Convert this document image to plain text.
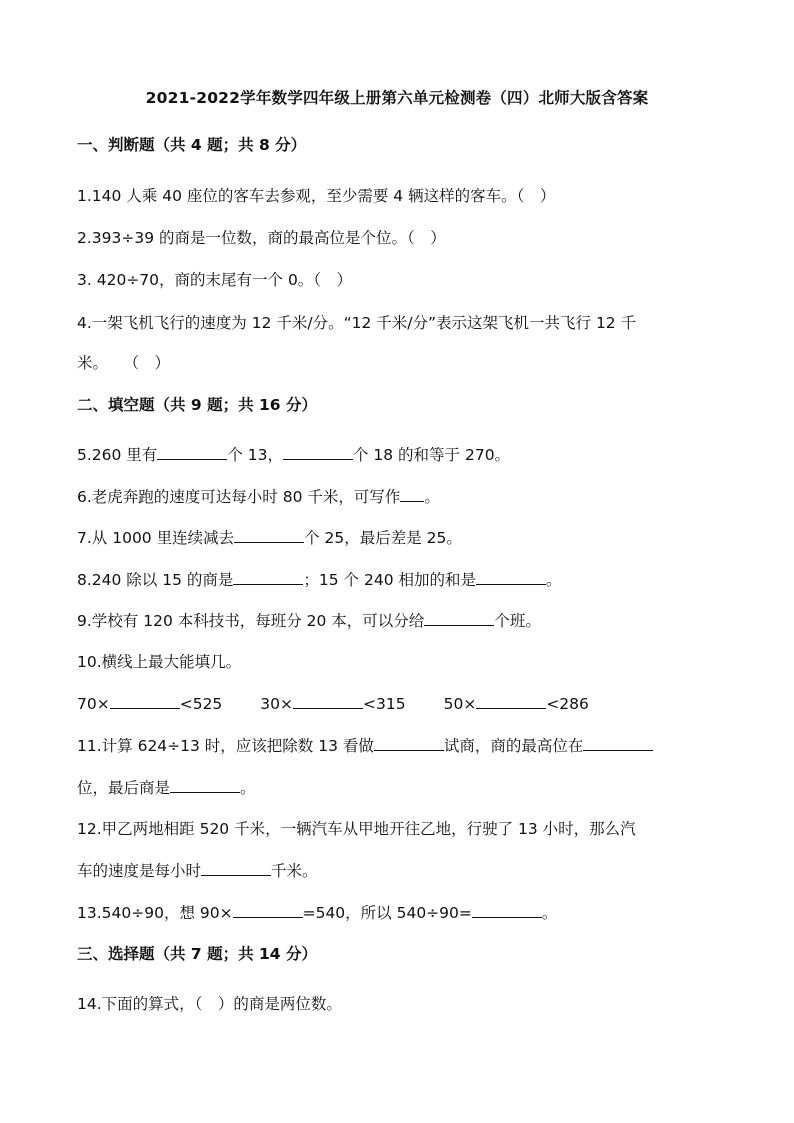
2021-2022学年数学四年级上册第六单元检测卷（四）北师大版含答案
一、判断题（共 4 题；共 8 分）
1.140 人乘 40 座位的客车去参观，至少需要 4 辆这样的客车。（　）
2.393÷39 的商是一位数，商的最高位是个位。（　）
3. 420÷70，商的末尾有一个 0。（　）
4.一架飞机飞行的速度为 12 千米/分。“12 千米/分”表示这架飞机一共飞行 12 千
米。　　（　）
二、填空题（共 9 题；共 16 分）
5.260 里有	个 13，	个 18 的和等于 270。
6.老虎奔跑的速度可达每小时 80 千米，可写作 。
7.从 1000 里连续减去	个 25，最后差是 25。
8.240 除以 15 的商是	；15 个 240 相加的和是	。
9.学校有 120 本科技书，每班分 20 本，可以分给	个班。
10.横线上最大能填几。
70×	<525 30×	<315 50×	<286
11.计算 624÷13 时，应该把除数 13 看做	试商，商的最高位在
位，最后商是	。
12.甲乙两地相距 520 千米，一辆汽车从甲地开往乙地，行驶了 13 小时，那么汽
车的速度是每小时	千米。
13.540÷90，想 90×	=540，所以 540÷90=	。
三、选择题（共 7 题；共 14 分）
14.下面的算式，（　）的商是两位数。
